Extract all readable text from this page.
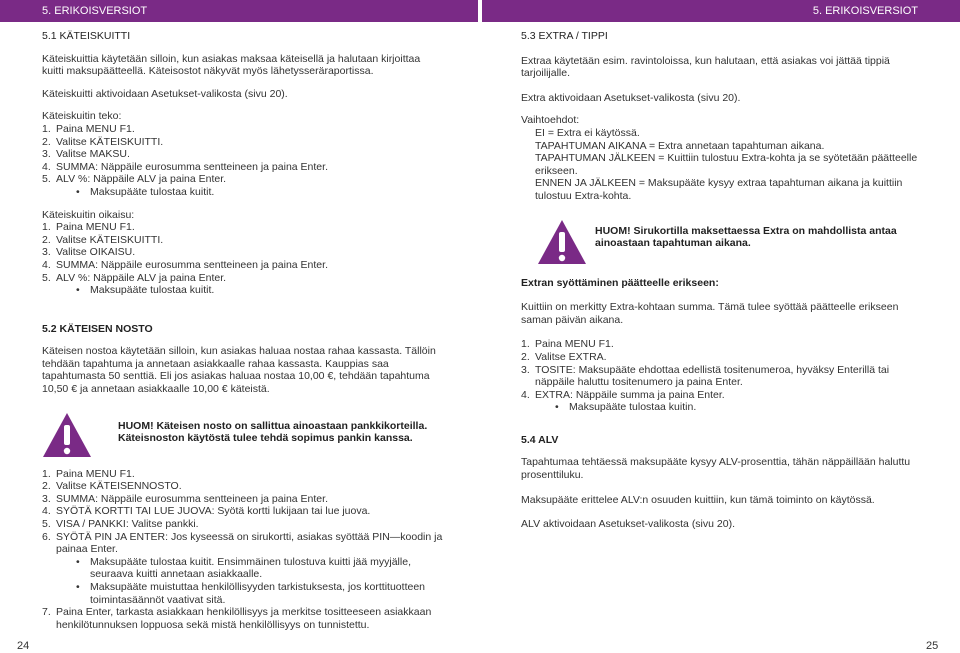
5. ERIKOISVERSIOT	5. ERIKOISVERSIOT

5.1 KÄTEISKUITTI

Käteiskuittia käytetään silloin, kun asiakas maksaa käteisellä ja halutaan kirjoittaa kuitti maksupäätteellä. Käteisostot näkyvät myös lähetysseräraportissa.

Käteiskuitti aktivoidaan Asetukset-valikosta (sivu 20).

Käteiskuitin teko:

1. Paina MENU F1.
2. Valitse KÄTEISKUITTI.
3. Valitse MAKSU.
4. SUMMA: Näppäile eurosumma sentteineen ja paina Enter.
5. ALV %: Näppäile ALV ja paina Enter.
• Maksupääte tulostaa kuitit.

Käteiskuitin oikaisu:

1. Paina MENU F1.
2. Valitse KÄTEISKUITTI.
3. Valitse OIKAISU.
4. SUMMA: Näppäile eurosumma sentteineen ja paina Enter.
5. ALV %: Näppäile ALV ja paina Enter.
• Maksupääte tulostaa kuitit.

5.2 KÄTEISEN NOSTO

Käteisen nostoa käytetään silloin, kun asiakas haluaa nostaa rahaa kassasta. Tällöin tehdään tapahtuma ja annetaan asiakkaalle rahaa kassasta. Kauppias saa tapahtumasta 50 senttiä. Eli jos asiakas haluaa nostaa 10,00 €, tehdään tapahtuma 10,50 € ja annetaan asiakkaalle 10,00 € käteistä.

HUOM! Käteisen nosto on sallittua ainoastaan pankkikorteilla. Käteisnoston käytöstä tulee tehdä sopimus pankin kanssa.

1. Paina MENU F1.
2. Valitse KÄTEISENNOSTO.
3. SUMMA: Näppäile eurosumma sentteineen ja paina Enter.
4. SYÖTÄ KORTTI TAI LUE JUOVA: Syötä kortti lukijaan tai lue juova.
5. VISA / PANKKI: Valitse pankki.
6. SYÖTÄ PIN JA ENTER: Jos kyseessä on sirukortti, asiakas syöttää PIN—koodin ja painaa Enter.
• Maksupääte tulostaa kuitit. Ensimmäinen tulostuva kuitti jää myyjälle, seuraava kuitti annetaan asiakkaalle.
• Maksupääte muistuttaa henkilöllisyyden tarkistuksesta, jos korttituotteen toimintasäännöt vaativat sitä.
7. Paina Enter, tarkasta asiakkaan henkilöllisyys ja merkitse tositteeseen asiakkaan henkilötunnuksen loppuosa sekä mistä henkilöllisyys on tunnistettu.

5.3 EXTRA / TIPPI

Extraa käytetään esim. ravintoloissa, kun halutaan, että asiakas voi jättää tippiä tarjoilijalle.

Extra aktivoidaan Asetukset-valikosta (sivu 20).

Vaihtoehdot:

EI = Extra ei käytössä.

TAPAHTUMAN AIKANA = Extra annetaan tapahtuman aikana.

TAPAHTUMAN JÄLKEEN = Kuittiin tulostuu Extra-kohta ja se syötetään päätteelle erikseen.

ENNEN JA JÄLKEEN = Maksupääte kysyy extraa tapahtuman aikana ja kuittiin tulostuu Extra-kohta.

HUOM! Sirukortilla maksettaessa Extra on mahdollista antaa ainoastaan tapahtuman aikana.

Extran syöttäminen päätteelle erikseen:

Kuittiin on merkitty Extra-kohtaan summa. Tämä tulee syöttää päätteelle erikseen saman päivän aikana.

1. Paina MENU F1.
2. Valitse EXTRA.
3. TOSITE: Maksupääte ehdottaa edellistä tositenumeroa, hyväksy Enterillä tai näppäile haluttu tositenumero ja paina Enter.
4. EXTRA: Näppäile summa ja paina Enter.
• Maksupääte tulostaa kuitin.

5.4 ALV

Tapahtumaa tehtäessä maksupääte kysyy ALV-prosenttia, tähän näppäillään haluttu prosenttiluku.

Maksupääte erittelee ALV:n osuuden kuittiin, kun tämä toiminto on käytössä.

ALV aktivoidaan Asetukset-valikosta (sivu 20).

24	25
